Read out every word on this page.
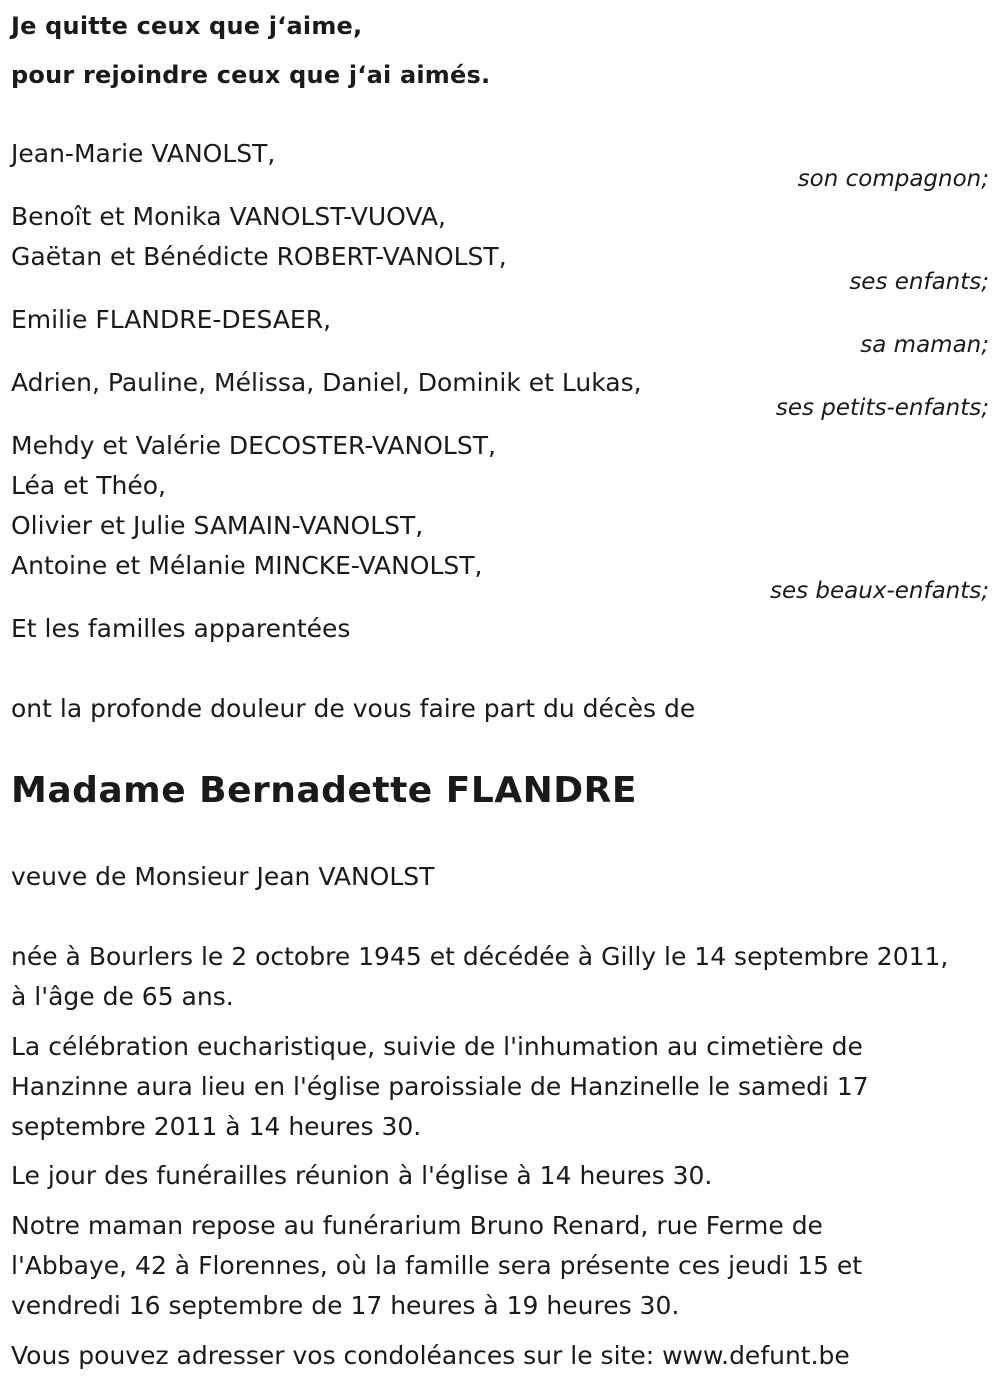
Je quitte ceux que j‘aime,
pour rejoindre ceux que j‘ai aimés.
Jean-Marie VANOLST,
son compagnon;
Benoît et Monika VANOLST-VUOVA,
Gaëtan et Bénédicte ROBERT-VANOLST,
ses enfants;
Emilie FLANDRE-DESAER,
sa maman;
Adrien, Pauline, Mélissa, Daniel, Dominik et Lukas,
ses petits-enfants;
Mehdy et Valérie DECOSTER-VANOLST,
Léa et Théo,
Olivier et Julie SAMAIN-VANOLST,
Antoine et Mélanie MINCKE-VANOLST,
ses beaux-enfants;
Et les familles apparentées
ont la profonde douleur de vous faire part du décès de
Madame Bernadette FLANDRE
veuve de Monsieur Jean VANOLST
née à Bourlers le 2 octobre 1945 et décédée à Gilly le 14 septembre 2011,
à l'âge de 65 ans.
La célébration eucharistique, suivie de l'inhumation au cimetière de
Hanzinne aura lieu en l'église paroissiale de Hanzinelle le samedi 17
septembre 2011 à 14 heures 30.
Le jour des funérailles réunion à l'église à 14 heures 30.
Notre maman repose au funérarium Bruno Renard, rue Ferme de
l'Abbaye, 42 à Florennes, où la famille sera présente ces jeudi 15 et
vendredi 16 septembre de 17 heures à 19 heures 30.
Vous pouvez adresser vos condoléances sur le site: www.defunt.be
